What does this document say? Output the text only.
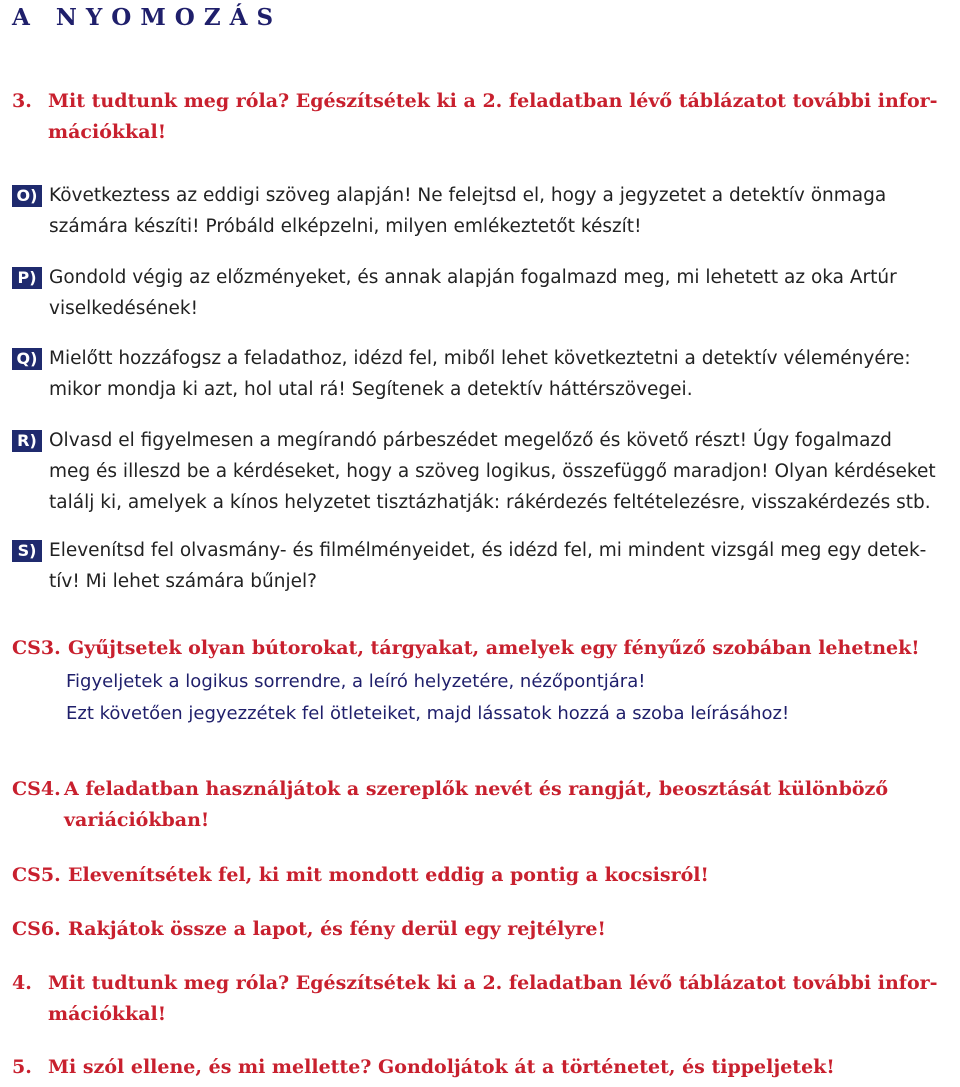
A NYOMOZÁS
3. Mit tudtunk meg róla? Egészítsétek ki a 2. feladatban lévő táblázatot további infor-
mációkkal!
O) Következtess az eddigi szöveg alapján! Ne felejtsd el, hogy a jegyzetet a detektív önmaga
számára készíti! Próbáld elképzelni, milyen emlékeztetőt készít!
P) Gondold végig az előzményeket, és annak alapján fogalmazd meg, mi lehetett az oka Artúr
viselkedésének!
Q) Mielőtt hozzáfogsz a feladathoz, idézd fel, miből lehet következtetni a detektív véleményére:
mikor mondja ki azt, hol utal rá! Segítenek a detektív háttérszövegei.
R) Olvasd el figyelmesen a megírandó párbeszédet megelőző és követő részt! Úgy fogalmazd
meg és illeszd be a kérdéseket, hogy a szöveg logikus, összefüggő maradjon! Olyan kérdéseket
találj ki, amelyek a kínos helyzetet tisztázhatják: rákérdezés feltételezésre, visszakérdezés stb.
S) Elevenítsd fel olvasmány- és filmélményeidet, és idézd fel, mi mindent vizsgál meg egy detek-
tív! Mi lehet számára bűnjel?
CS3. Gyűjtsetek olyan bútorokat, tárgyakat, amelyek egy fényűző szobában lehetnek!
Figyeljetek a logikus sorrendre, a leíró helyzetére, nézőpontjára!
Ezt követően jegyezzétek fel ötleteiket, majd lássatok hozzá a szoba leírásához!
CS4. A feladatban használjátok a szereplők nevét és rangját, beosztását különböző
variációkban!
CS5. Elevenítsétek fel, ki mit mondott eddig a pontig a kocsisról!
CS6. Rakjátok össze a lapot, és fény derül egy rejtélyre!
4. Mit tudtunk meg róla? Egészítsétek ki a 2. feladatban lévő táblázatot további infor-
mációkkal!
5. Mi szól ellene, és mi mellette? Gondoljátok át a történetet, és tippeljetek!
